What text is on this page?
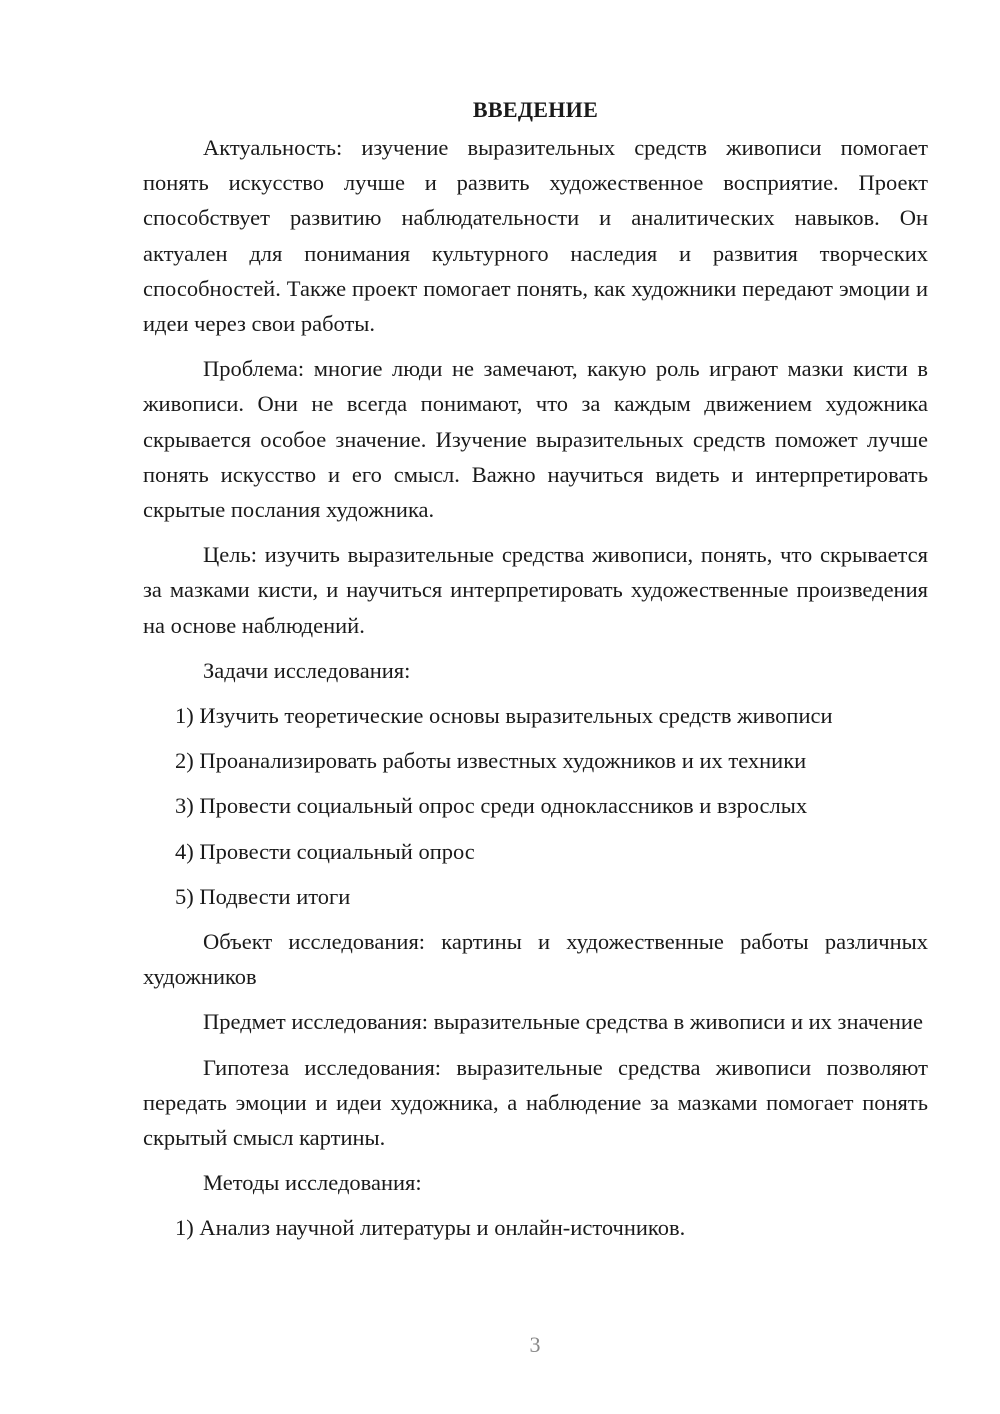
ВВЕДЕНИЕ

Актуальность: изучение выразительных средств живописи помогает понять искусство лучше и развить художественное восприятие. Проект способствует развитию наблюдательности и аналитических навыков. Он актуален для понимания культурного наследия и развития творческих способностей. Также проект помогает понять, как художники передают эмоции и идеи через свои работы.

Проблема: многие люди не замечают, какую роль играют мазки кисти в живописи. Они не всегда понимают, что за каждым движением художника скрывается особое значение. Изучение выразительных средств поможет лучше понять искусство и его смысл. Важно научиться видеть и интерпретировать скрытые послания художника.

Цель: изучить выразительные средства живописи, понять, что скрывается за мазками кисти, и научиться интерпретировать художественные произведения на основе наблюдений.

Задачи исследования:

1) Изучить теоретические основы выразительных средств живописи

2) Проанализировать работы известных художников и их техники

3) Провести социальный опрос среди одноклассников и взрослых

4) Провести социальный опрос

5) Подвести итоги

Объект исследования: картины и художественные работы различных художников

Предмет исследования: выразительные средства в живописи и их значение

Гипотеза исследования: выразительные средства живописи позволяют передать эмоции и идеи художника, а наблюдение за мазками помогает понять скрытый смысл картины.

Методы исследования:

1) Анализ научной литературы и онлайн-источников.

3
